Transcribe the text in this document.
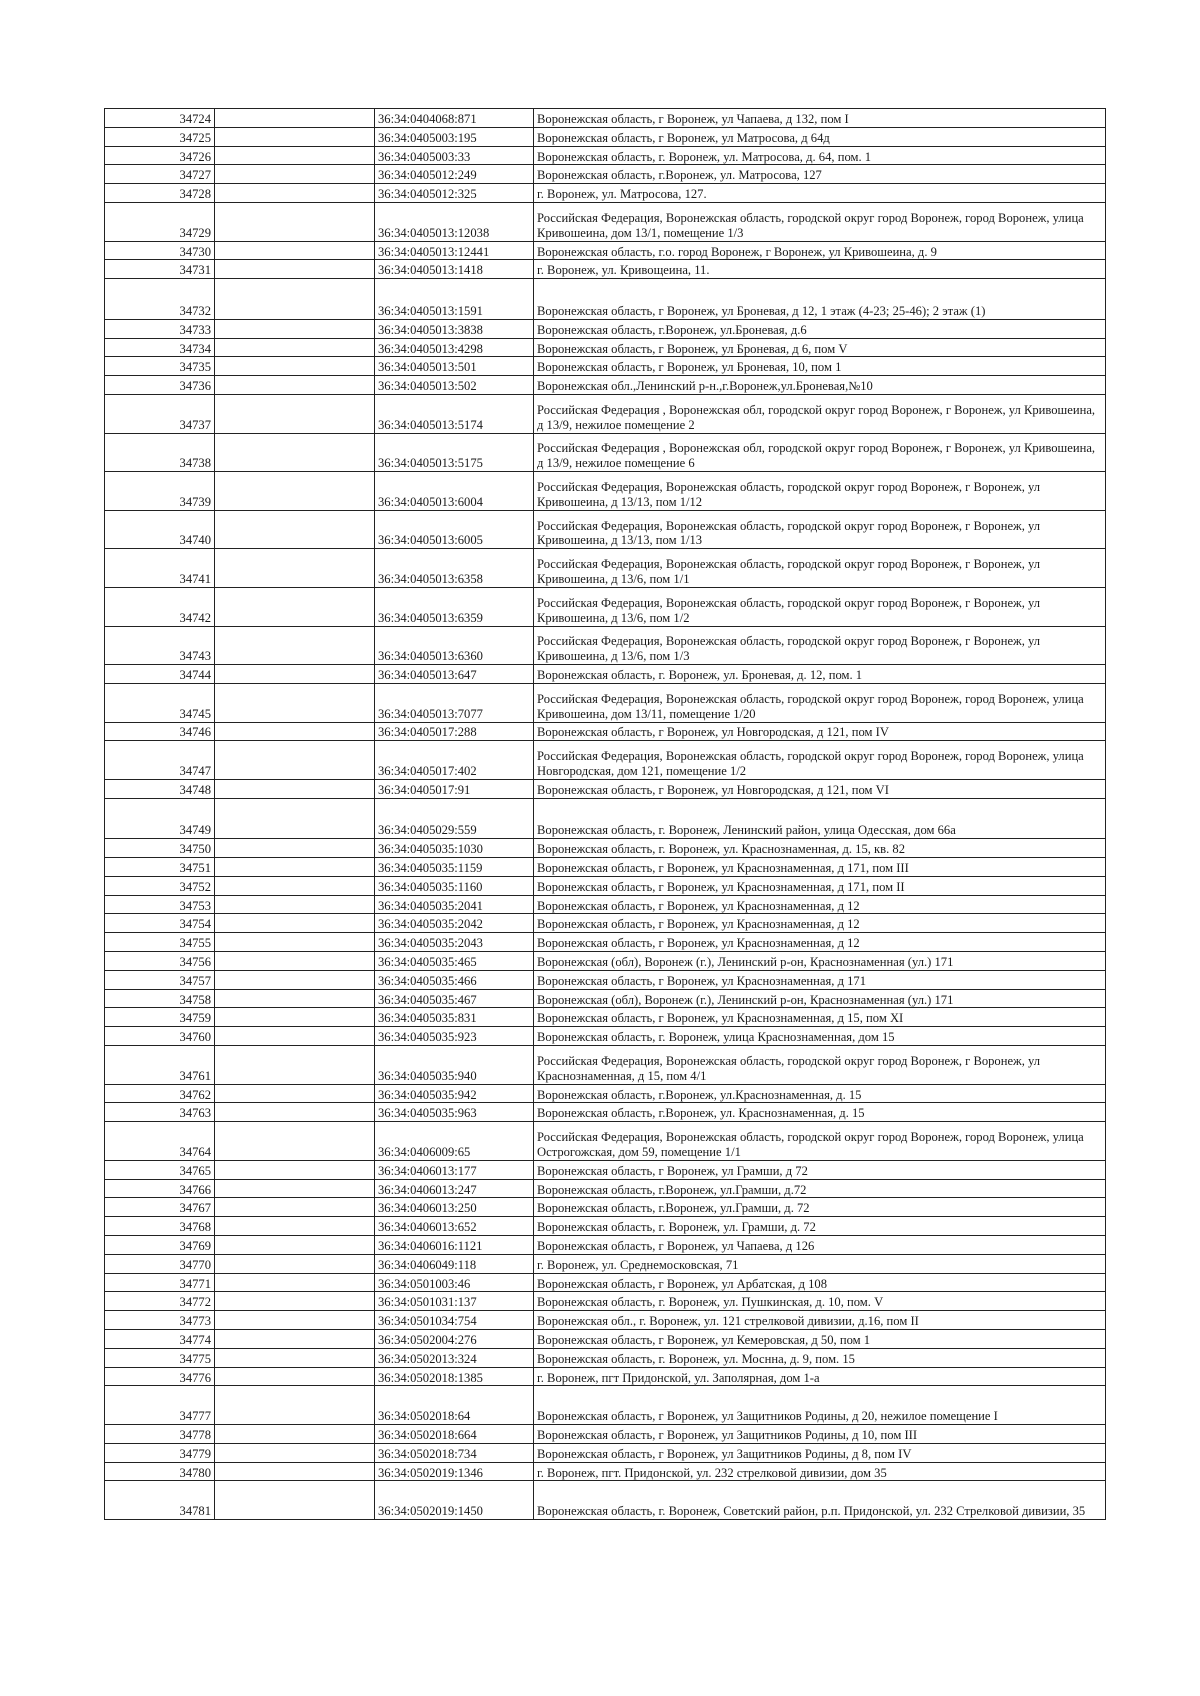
34724		36:34:0404068:871	Воронежская область, г Воронеж, ул Чапаева, д 132, пом I
34725		36:34:0405003:195	Воронежская область, г Воронеж, ул Матросова, д 64д
34726		36:34:0405003:33	Воронежская область, г. Воронеж, ул. Матросова, д. 64, пом. 1
34727		36:34:0405012:249	Воронежская область, г.Воронеж, ул. Матросова, 127
34728		36:34:0405012:325	г. Воронеж, ул. Матросова, 127.
34729		36:34:0405013:12038	Российская Федерация, Воронежская область, городской округ город Воронеж, город Воронеж, улица Кривошеина, дом 13/1, помещение 1/3
34730		36:34:0405013:12441	Воронежская область, г.о. город Воронеж, г Воронеж, ул Кривошеина, д. 9
34731		36:34:0405013:1418	г. Воронеж, ул. Кривощеина, 11.
34732		36:34:0405013:1591	Воронежская область, г Воронеж, ул Броневая, д 12, 1 этаж (4-23; 25-46); 2 этаж (1)
34733		36:34:0405013:3838	Воронежская область, г.Воронеж, ул.Броневая, д.6
34734		36:34:0405013:4298	Воронежская область, г Воронеж, ул Броневая, д 6, пом V
34735		36:34:0405013:501	Воронежская область, г Воронеж, ул Броневая, 10, пом 1
34736		36:34:0405013:502	Воронежская обл.,Ленинский р-н.,г.Воронеж,ул.Броневая,№10
34737		36:34:0405013:5174	Российская Федерация , Воронежская обл, городской округ город Воронеж, г Воронеж, ул Кривошеина, д 13/9, нежилое помещение 2
34738		36:34:0405013:5175	Российская Федерация , Воронежская обл, городской округ город Воронеж, г Воронеж, ул Кривошеина, д 13/9, нежилое помещение 6
34739		36:34:0405013:6004	Российская Федерация, Воронежская область, городской округ город Воронеж, г Воронеж, ул Кривошеина, д 13/13, пом 1/12
34740		36:34:0405013:6005	Российская Федерация, Воронежская область, городской округ город Воронеж, г Воронеж, ул Кривошеина, д 13/13, пом 1/13
34741		36:34:0405013:6358	Российская Федерация, Воронежская область, городской округ город Воронеж, г Воронеж, ул Кривошеина, д 13/6, пом 1/1
34742		36:34:0405013:6359	Российская Федерация, Воронежская область, городской округ город Воронеж, г Воронеж, ул Кривошеина, д 13/6, пом 1/2
34743		36:34:0405013:6360	Российская Федерация, Воронежская область, городской округ город Воронеж, г Воронеж, ул Кривошеина, д 13/6, пом 1/3
34744		36:34:0405013:647	Воронежская область, г. Воронеж, ул. Броневая, д. 12, пом. 1
34745		36:34:0405013:7077	Российская Федерация, Воронежская область, городской округ город Воронеж, город Воронеж, улица Кривошеина, дом 13/11, помещение 1/20
34746		36:34:0405017:288	Воронежская область, г Воронеж, ул Новгородская, д 121, пом IV
34747		36:34:0405017:402	Российская Федерация, Воронежская область, городской округ город Воронеж, город Воронеж, улица Новгородская, дом 121, помещение 1/2
34748		36:34:0405017:91	Воронежская область, г Воронеж, ул Новгородская, д 121, пом VI
34749		36:34:0405029:559	Воронежская область, г. Воронеж, Ленинский район, улица Одесская, дом 66а
34750		36:34:0405035:1030	Воронежская область, г. Воронеж, ул. Краснознаменная, д. 15, кв. 82
34751		36:34:0405035:1159	Воронежская область, г Воронеж, ул Краснознаменная, д 171, пом III
34752		36:34:0405035:1160	Воронежская область, г Воронеж, ул Краснознаменная, д 171, пом II
34753		36:34:0405035:2041	Воронежская область, г Воронеж, ул Краснознаменная, д 12
34754		36:34:0405035:2042	Воронежская область, г Воронеж, ул Краснознаменная, д 12
34755		36:34:0405035:2043	Воронежская область, г Воронеж, ул Краснознаменная, д 12
34756		36:34:0405035:465	Воронежская (обл), Воронеж (г.), Ленинский р-он, Краснознаменная (ул.) 171
34757		36:34:0405035:466	Воронежская область, г Воронеж, ул Краснознаменная, д 171
34758		36:34:0405035:467	Воронежская (обл), Воронеж (г.), Ленинский р-он, Краснознаменная (ул.) 171
34759		36:34:0405035:831	Воронежская область, г Воронеж, ул Краснознаменная, д 15, пом XI
34760		36:34:0405035:923	Воронежская область, г. Воронеж, улица Краснознаменная, дом 15
34761		36:34:0405035:940	Российская Федерация, Воронежская область, городской округ город Воронеж, г Воронеж, ул Краснознаменная, д 15, пом 4/1
34762		36:34:0405035:942	Воронежская область, г.Воронеж, ул.Краснознаменная, д. 15
34763		36:34:0405035:963	Воронежская область, г.Воронеж, ул. Краснознаменная, д. 15
34764		36:34:0406009:65	Российская Федерация, Воронежская область, городской округ город Воронеж, город Воронеж, улица Острогожская, дом 59, помещение 1/1
34765		36:34:0406013:177	Воронежская область, г Воронеж, ул Грамши, д 72
34766		36:34:0406013:247	Воронежская область, г.Воронеж, ул.Грамши, д.72
34767		36:34:0406013:250	Воронежская область, г.Воронеж, ул.Грамши, д. 72
34768		36:34:0406013:652	Воронежская область, г. Воронеж, ул. Грамши, д. 72
34769		36:34:0406016:1121	Воронежская область, г Воронеж, ул Чапаева, д 126
34770		36:34:0406049:118	г. Воронеж, ул. Среднемосковская, 71
34771		36:34:0501003:46	Воронежская область, г Воронеж, ул Арбатская, д 108
34772		36:34:0501031:137	Воронежская область, г. Воронеж, ул. Пушкинская, д. 10, пом. V
34773		36:34:0501034:754	Воронежская обл., г. Воронеж, ул. 121 стрелковой дивизии, д.16, пом II
34774		36:34:0502004:276	Воронежская область, г Воронеж, ул Кемеровская, д 50, пом 1
34775		36:34:0502013:324	Воронежская область, г. Воронеж, ул. Моснна, д. 9, пом. 15
34776		36:34:0502018:1385	г. Воронеж, пгт Придонской, ул. Заполярная, дом 1-а
34777		36:34:0502018:64	Воронежская область, г Воронеж, ул Защитников Родины, д 20, нежилое помещение I
34778		36:34:0502018:664	Воронежская область, г Воронеж, ул Защитников Родины, д 10, пом III
34779		36:34:0502018:734	Воронежская область, г Воронеж, ул Защитников Родины, д 8, пом IV
34780		36:34:0502019:1346	г. Воронеж, пгт. Придонской, ул. 232 стрелковой дивизии, дом 35
34781		36:34:0502019:1450	Воронежская область, г. Воронеж, Советский район, р.п. Придонской, ул. 232 Стрелковой дивизии, 35
